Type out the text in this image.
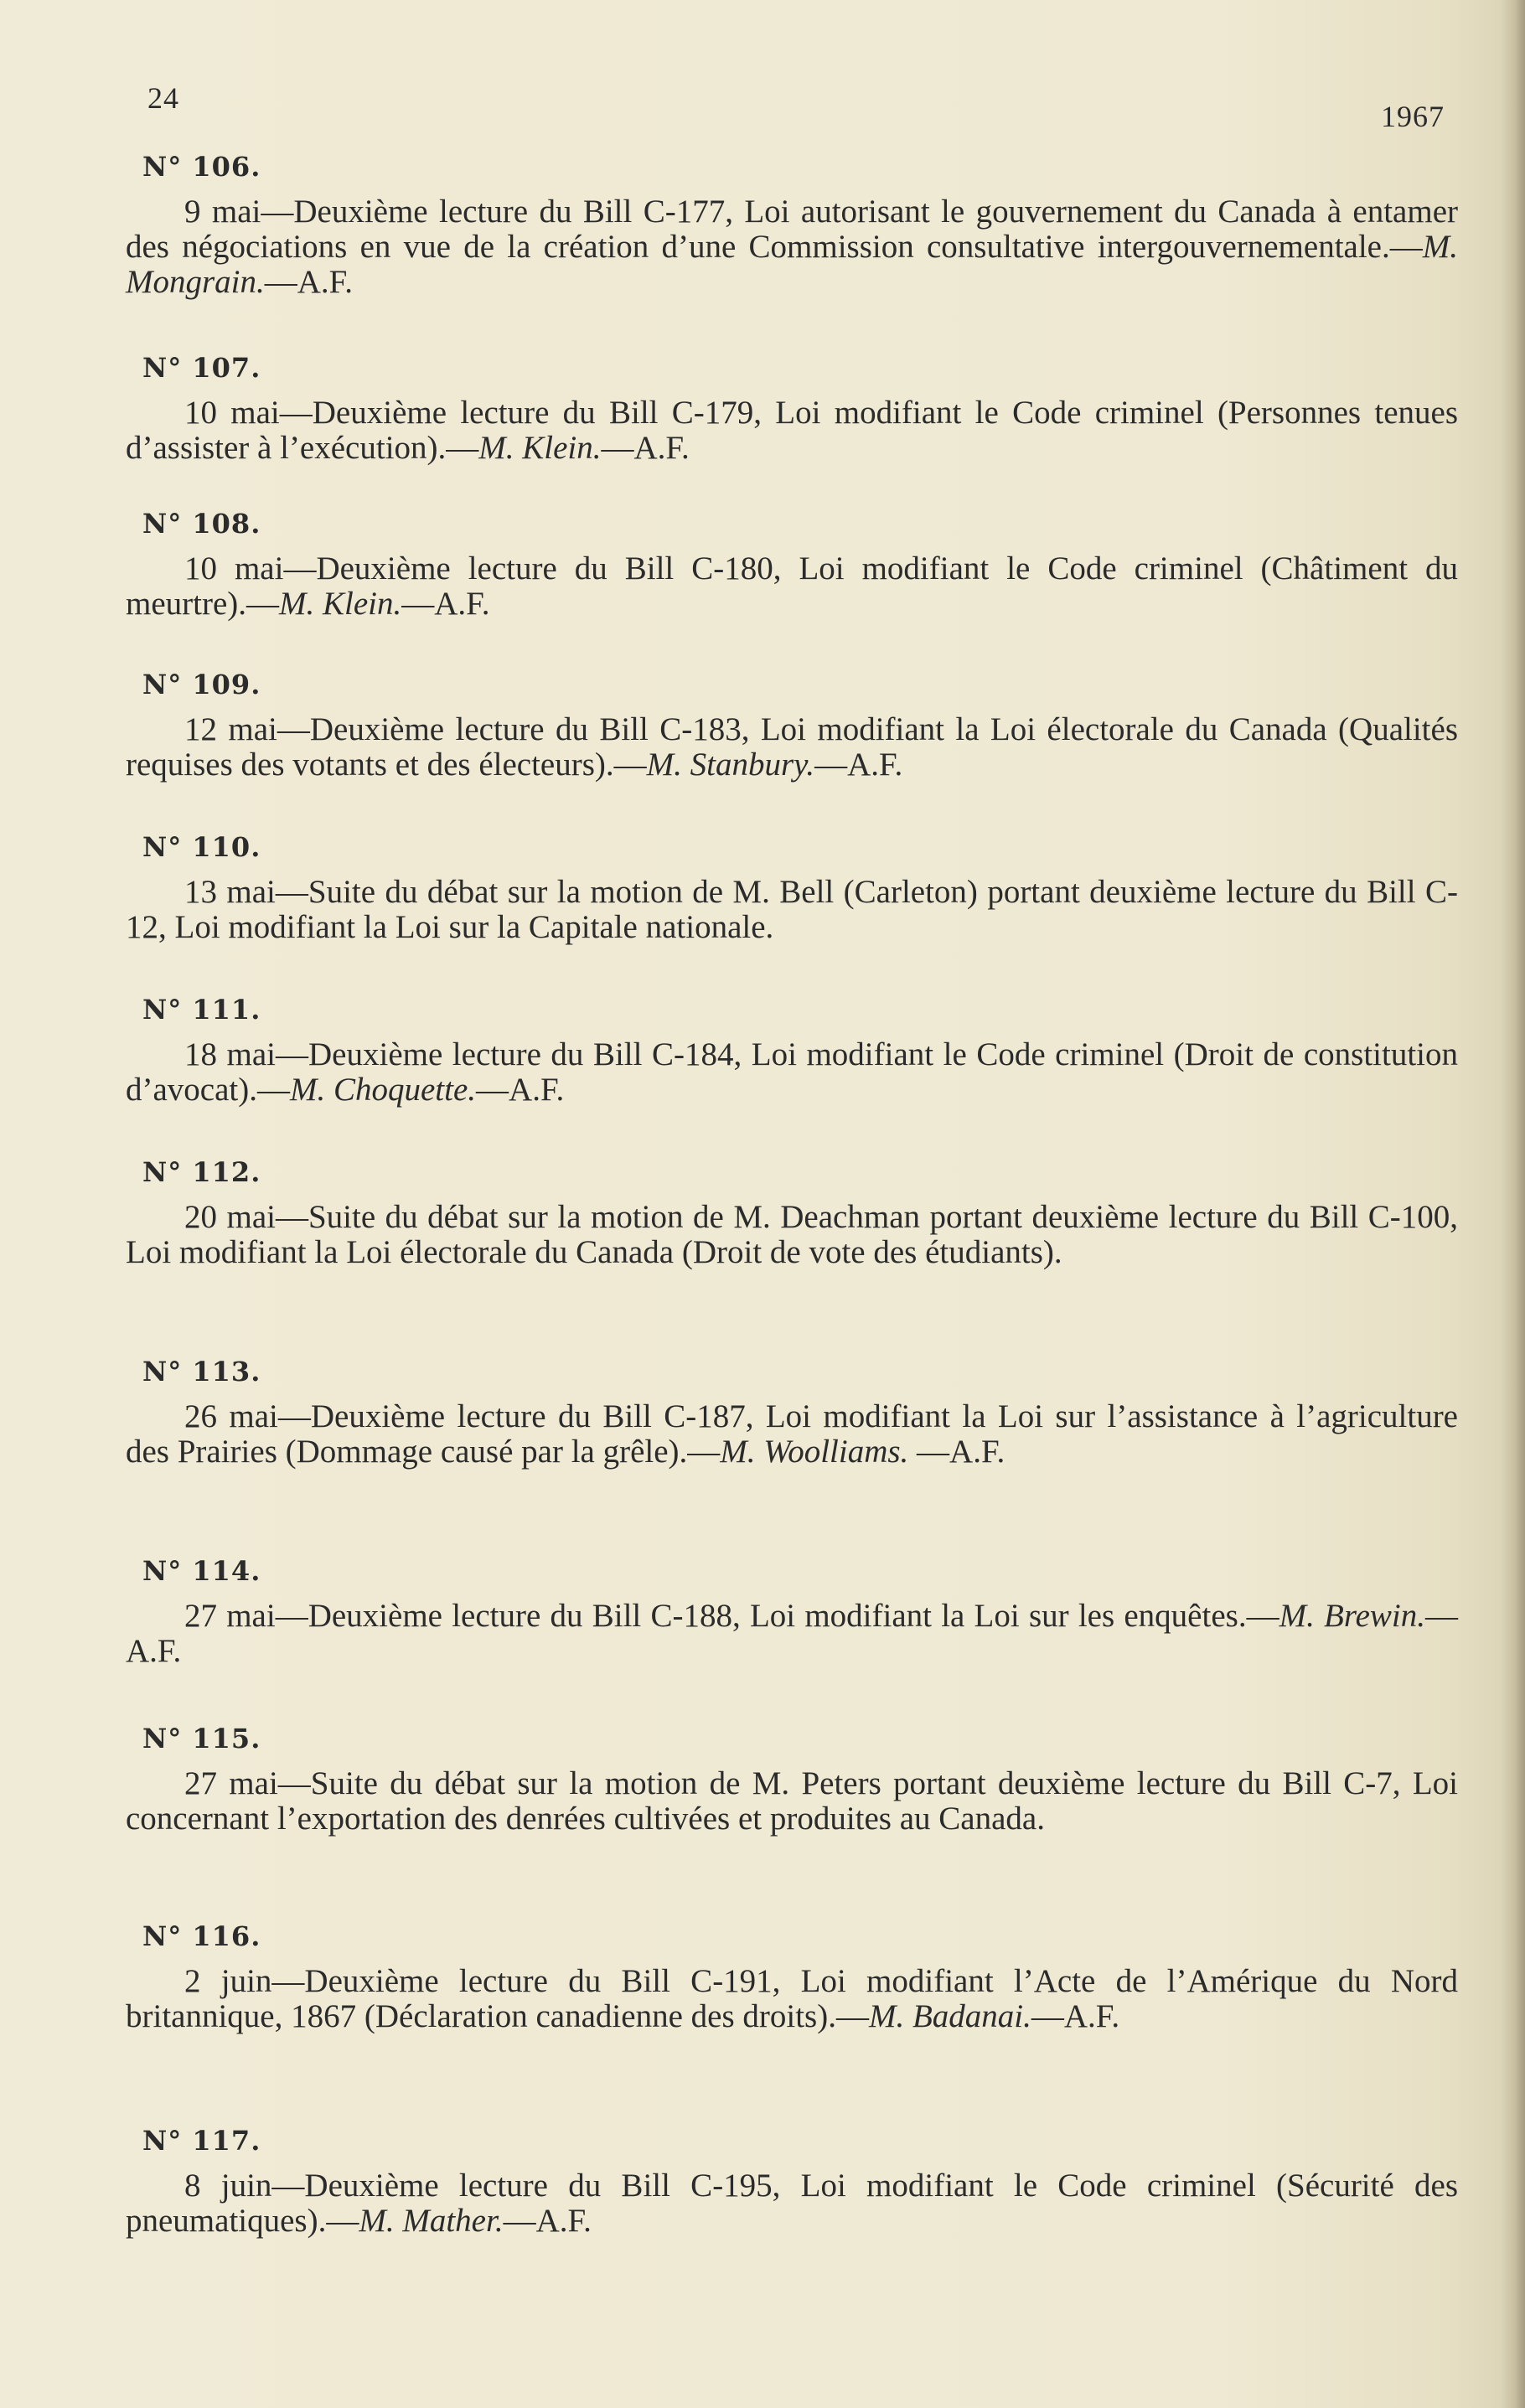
24
1967
N° 106.

9 mai—Deuxième lecture du Bill C-177, Loi autorisant le gouvernement du Canada à entamer des négociations en vue de la création d’une Commission consultative intergouvernementale.—M. Mongrain.—A.F.

N° 107.

10 mai—Deuxième lecture du Bill C-179, Loi modifiant le Code criminel (Personnes tenues d’assister à l’exécution).—M. Klein.—A.F.

N° 108.

10 mai—Deuxième lecture du Bill C-180, Loi modifiant le Code criminel (Châtiment du meurtre).—M. Klein.—A.F.

N° 109.

12 mai—Deuxième lecture du Bill C-183, Loi modifiant la Loi électorale du Canada (Qualités requises des votants et des électeurs).—M. Stanbury.—A.F.

N° 110.

13 mai—Suite du débat sur la motion de M. Bell (Carleton) portant deuxième lecture du Bill C-12, Loi modifiant la Loi sur la Capitale nationale.

N° 111.

18 mai—Deuxième lecture du Bill C-184, Loi modifiant le Code criminel (Droit de constitution d’avocat).—M. Choquette.—A.F.

N° 112.

20 mai—Suite du débat sur la motion de M. Deachman portant deuxième lecture du Bill C-100, Loi modifiant la Loi électorale du Canada (Droit de vote des étudiants).

N° 113.

26 mai—Deuxième lecture du Bill C-187, Loi modifiant la Loi sur l’assistance à l’agriculture des Prairies (Dommage causé par la grêle).—M. Woolliams. —A.F.

N° 114.

27 mai—Deuxième lecture du Bill C-188, Loi modifiant la Loi sur les enquêtes.—M. Brewin.—A.F.

N° 115.

27 mai—Suite du débat sur la motion de M. Peters portant deuxième lecture du Bill C-7, Loi concernant l’exportation des denrées cultivées et produites au Canada.

N° 116.

2 juin—Deuxième lecture du Bill C-191, Loi modifiant l’Acte de l’Amérique du Nord britannique, 1867 (Déclaration canadienne des droits).—M. Badanai.—A.F.

N° 117.

8 juin—Deuxième lecture du Bill C-195, Loi modifiant le Code criminel (Sécurité des pneumatiques).—M. Mather.—A.F.
